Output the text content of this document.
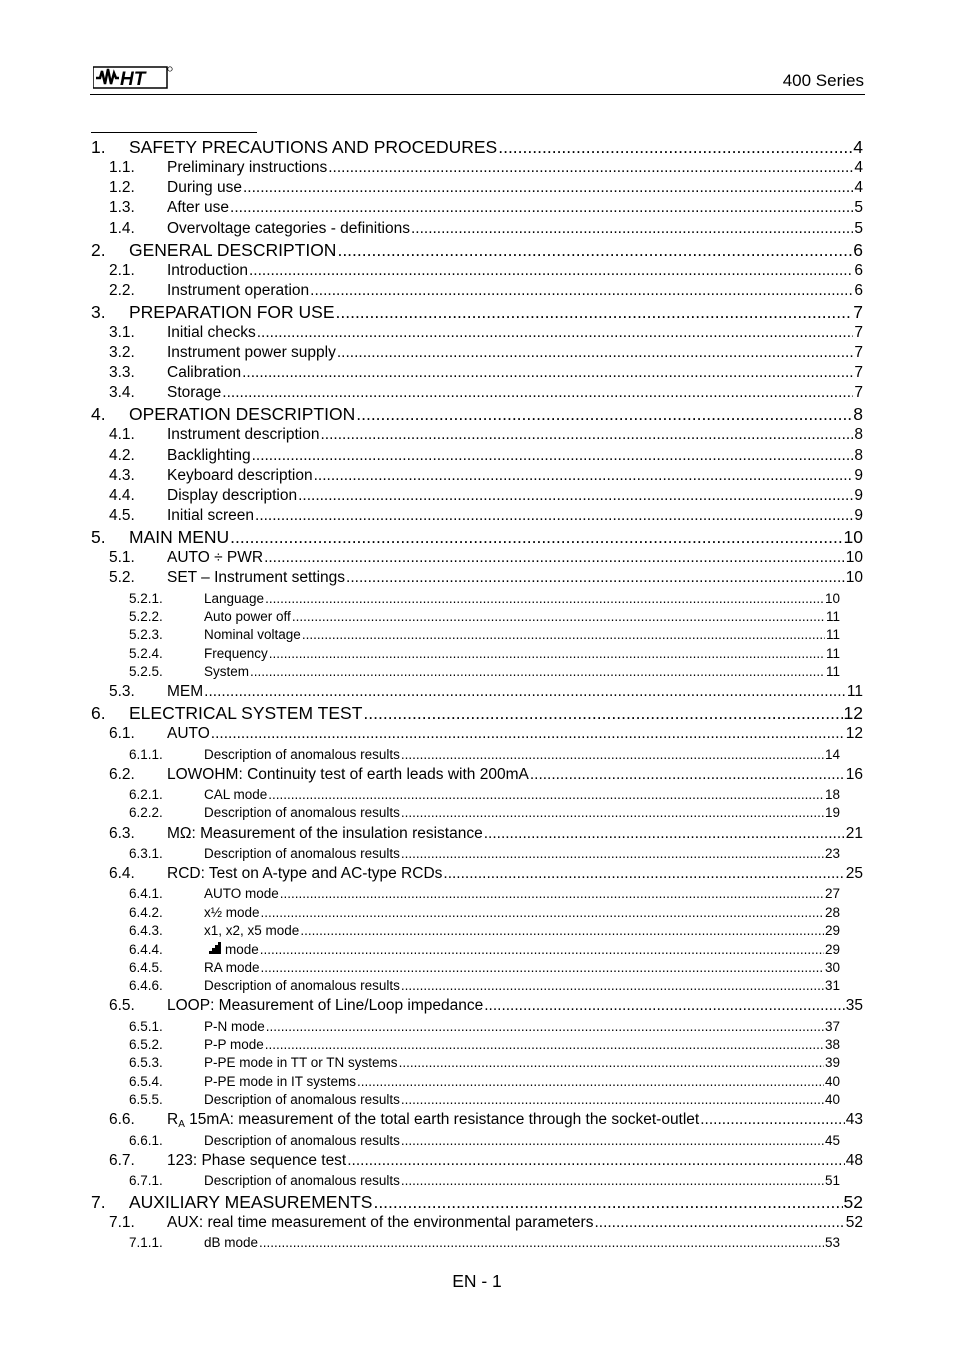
HT	400 Series
1.	SAFETY PRECAUTIONS AND PROCEDURES .....	4
1.1.	Preliminary instructions .....	4
1.2.	During use .....	4
1.3.	After use .....	5
1.4.	Overvoltage categories - definitions .....	5
2.	GENERAL DESCRIPTION .....	6
2.1.	Introduction .....	6
2.2.	Instrument operation .....	6
3.	PREPARATION FOR USE .....	7
3.1.	Initial checks .....	7
3.2.	Instrument power supply .....	7
3.3.	Calibration .....	7
3.4.	Storage .....	7
4.	OPERATION DESCRIPTION .....	8
4.1.	Instrument description .....	8
4.2.	Backlighting .....	8
4.3.	Keyboard description .....	9
4.4.	Display description .....	9
4.5.	Initial screen .....	9
5.	MAIN MENU .....	10
5.1.	AUTO ÷ PWR .....	10
5.2.	SET – Instrument settings .....	10
5.2.1.	Language .....	10
5.2.2.	Auto power off .....	11
5.2.3.	Nominal voltage .....	11
5.2.4.	Frequency .....	11
5.2.5.	System .....	11
5.3.	MEM .....	11
6.	ELECTRICAL SYSTEM TEST .....	12
6.1.	AUTO .....	12
6.1.1.	Description of anomalous results .....	14
6.2.	LOWOHM: Continuity test of earth leads with 200mA .....	16
6.2.1.	CAL mode .....	18
6.2.2.	Description of anomalous results .....	19
6.3.	MΩ: Measurement of the insulation resistance .....	21
6.3.1.	Description of anomalous results .....	23
6.4.	RCD: Test on A-type and AC-type RCDs .....	25
6.4.1.	AUTO mode .....	27
6.4.2.	x½ mode .....	28
6.4.3.	x1, x2, x5 mode .....	29
6.4.4.	mode .....	29
6.4.5.	RA mode .....	30
6.4.6.	Description of anomalous results .....	31
6.5.	LOOP: Measurement of Line/Loop impedance .....	35
6.5.1.	P-N mode .....	37
6.5.2.	P-P mode .....	38
6.5.3.	P-PE mode in TT or TN systems .....	39
6.5.4.	P-PE mode in IT systems .....	40
6.5.5.	Description of anomalous results .....	40
6.6.	$R_A$ 15mA: measurement of the total earth resistance through the socket-outlet .....	43
6.6.1.	Description of anomalous results .....	45
6.7.	123: Phase sequence test .....	48
6.7.1.	Description of anomalous results .....	51
7.	AUXILIARY MEASUREMENTS .....	52
7.1.	AUX: real time measurement of the environmental parameters .....	52
7.1.1.	dB mode .....	53
EN - 1
